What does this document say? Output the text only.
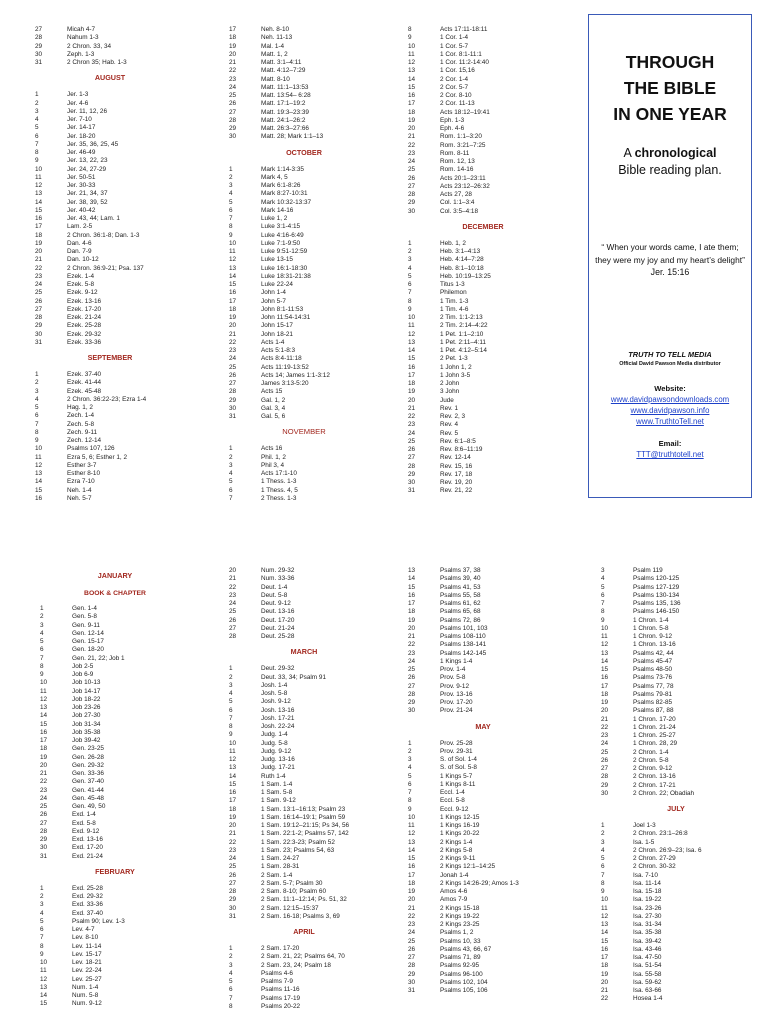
27	Micah 4-7
28	Nahum 1-3
29	2 Chron. 33, 34
30	Zeph. 1-3
31	2 Chron 35; Hab. 1-3
AUGUST
1	Jer. 1-3
2	Jer. 4-6
3	Jer. 11, 12, 26
4	Jer. 7-10
5	Jer. 14-17
6	Jer. 18-20
7	Jer. 35, 36, 25, 45
8	Jer. 46-49
9	Jer. 13, 22, 23
10	Jer. 24, 27-29
11	Jer. 50-51
12	Jer. 30-33
13	Jer. 21, 34, 37
14	Jer. 38, 39, 52
15	Jer. 40-42
16	Jer. 43, 44; Lam. 1
17	Lam. 2-5
18	2 Chron. 36:1-8; Dan. 1-3
19	Dan. 4-6
20	Dan. 7-9
21	Dan. 10-12
22	2 Chron. 36:9-21; Psa. 137
23	Ezek. 1-4
24	Ezek. 5-8
25	Ezek. 9-12
26	Ezek. 13-16
27	Ezek. 17-20
28	Ezek. 21-24
29	Ezek. 25-28
30	Ezek. 29-32
31	Ezek. 33-36
SEPTEMBER
1	Ezek. 37-40
2	Ezek. 41-44
3	Ezek. 45-48
4	2 Chron. 36:22-23; Ezra 1-4
5	Hag. 1, 2
6	Zech. 1-4
7	Zech. 5-8
8	Zech. 9-11
9	Zech. 12-14
10	Psalms 107, 126
11	Ezra 5, 6; Esther 1, 2
12	Esther 3-7
13	Esther 8-10
14	Ezra 7-10
15	Neh. 1-4
16	Neh. 5-7
17	Neh. 8-10
18	Neh. 11-13
19	Mal. 1-4
20	Matt. 1, 2
21	Matt. 3:1–4:11
22	Matt. 4:12–7:29
23	Matt. 8-10
24	Matt. 11:1–13:53
25	Matt. 13:54– 6:28
26	Matt. 17:1–19:2
27	Matt. 19:3–23:39
28	Matt. 24:1–26:2
29	Matt. 26:3–27:66
30	Matt. 28; Mark 1:1–13
OCTOBER
1	Mark 1:14-3:35
2	Mark 4, 5
3	Mark 6:1-8:26
4	Mark 8:27-10:31
5	Mark 10:32-13:37
6	Mark 14-16
7	Luke 1, 2
8	Luke 3:1-4:15
9	Luke 4:16-6:49
10	Luke 7:1-9:50
11	Luke 9:51-12:59
12	Luke 13-15
13	Luke 16:1-18:30
14	Luke 18:31-21:38
15	Luke 22-24
16	John 1-4
17	John 5-7
18	John 8:1-11:53
19	John 11:54-14:31
20	John 15-17
21	John 18-21
22	Acts 1-4
23	Acts 5:1-8:3
24	Acts 8:4-11:18
25	Acts 11:19-13:52
26	Acts 14; James 1:1-3:12
27	James 3:13-5:20
28	Acts 15
29	Gal. 1, 2
30	Gal. 3, 4
31	Gal. 5, 6
NOVEMBER
1	Acts 16
2	Phil. 1, 2
3	Phil 3, 4
4	Acts 17:1-10
5	1 Thess. 1-3
6	1 Thess. 4, 5
7	2 Thess. 1-3
8	Acts 17:11-18:11
9	1 Cor. 1-4
10	1 Cor. 5-7
11	1 Cor. 8:1-11:1
12	1 Cor. 11:2-14:40
13	1 Cor. 15,16
14	2 Cor. 1-4
15	2 Cor. 5-7
16	2 Cor. 8-10
17	2 Cor. 11-13
18	Acts 18:12–19:41
19	Eph. 1-3
20	Eph. 4-6
21	Rom. 1:1–3:20
22	Rom. 3:21–7:25
23	Rom. 8-11
24	Rom. 12, 13
25	Rom. 14-16
26	Acts 20:1–23:11
27	Acts 23:12–26:32
28	Acts 27, 28
29	Col. 1:1–3:4
30	Col. 3:5–4:18
DECEMBER
1	Heb. 1, 2
2	Heb. 3:1–4:13
3	Heb. 4:14–7:28
4	Heb. 8:1–10:18
5	Heb. 10:19–13:25
6	Titus 1-3
7	Philemon
8	1 Tim. 1-3
9	1 Tim. 4-6
10	2 Tim. 1:1-2:13
11	2 Tim. 2:14–4:22
12	1 Pet. 1:1–2:10
13	1 Pet. 2:11–4:11
14	1 Pet. 4:12–5:14
15	2 Pet. 1-3
16	1 John 1, 2
17	1 John 3-5
18	2 John
19	3 John
20	Jude
21	Rev. 1
22	Rev. 2, 3
23	Rev. 4
24	Rev. 5
25	Rev. 6:1–8:5
26	Rev. 8:6–11:19
27	Rev. 12-14
28	Rev. 15, 16
29	Rev. 17, 18
30	Rev. 19, 20
31	Rev. 21, 22
JANUARY
BOOK & CHAPTER
1	Gen. 1-4
2	Gen. 5-8
3	Gen. 9-11
4	Gen. 12-14
5	Gen. 15-17
6	Gen. 18-20
7	Gen. 21, 22; Job 1
8	Job 2-5
9	Job 6-9
10	Job 10-13
11	Job 14-17
12	Job 18-22
13	Job 23-26
14	Job 27-30
15	Job 31-34
16	Job 35-38
17	Job 39-42
18	Gen. 23-25
19	Gen. 26-28
20	Gen. 29-32
21	Gen. 33-36
22	Gen. 37-40
23	Gen. 41-44
24	Gen. 45-48
25	Gen. 49, 50
26	Exd. 1-4
27	Exd. 5-8
28	Exd. 9-12
29	Exd. 13-16
30	Exd. 17-20
31	Exd. 21-24
FEBRUARY
1	Exd. 25-28
2	Exd. 29-32
3	Exd. 33-36
4	Exd. 37-40
5	Psalm 90; Lev. 1-3
6	Lev. 4-7
7	Lev. 8-10
8	Lev. 11-14
9	Lev. 15-17
10	Lev. 18-21
11	Lev. 22-24
12	Lev. 25-27
13	Num. 1-4
14	Num. 5-8
15	Num. 9-12
20	Num. 29-32
21	Num. 33-36
22	Deut. 1-4
23	Deut. 5-8
24	Deut. 9-12
25	Deut. 13-16
26	Deut. 17-20
27	Deut. 21-24
28	Deut. 25-28
MARCH
1	Deut. 29-32
2	Deut. 33, 34; Psalm 91
3	Josh. 1-4
4	Josh. 5-8
5	Josh. 9-12
6	Josh. 13-16
7	Josh. 17-21
8	Josh. 22-24
9	Judg. 1-4
10	Judg. 5-8
11	Judg. 9-12
12	Judg. 13-16
13	Judg. 17-21
14	Ruth 1-4
15	1 Sam. 1-4
16	1 Sam. 5-8
17	1 Sam. 9-12
18	1 Sam. 13:1–16:13; Psalm 23
19	1 Sam. 16:14–19:1; Psalm 59
20	1 Sam. 19:12–21:15; Ps 34, 56
21	1 Sam. 22:1-2; Psalms 57, 142
22	1 Sam. 22:3-23; Psalm 52
23	1 Sam. 23; Psalms 54, 63
24	1 Sam. 24-27
25	1 Sam. 28-31
26	2 Sam. 1-4
27	2 Sam. 5-7; Psalm 30
28	2 Sam. 8-10; Psalm 60
29	2 Sam. 11:1–12:14; Ps. 51, 32
30	2 Sam. 12:15–15:37
31	2 Sam. 16-18; Psalms 3, 69
APRIL
1	2 Sam. 17-20
2	2 Sam. 21, 22; Psalms 64, 70
3	2 Sam. 23, 24; Psalm 18
4	Psalms 4-6
5	Psalms 7-9
6	Psalms 11-16
7	Psalms 17-19
8	Psalms 20-22
13	Psalms 37, 38
14	Psalms 39, 40
15	Psalms 41, 53
16	Psalms 55, 58
17	Psalms 61, 62
18	Psalms 65, 68
19	Psalms 72, 86
20	Psalms 101, 103
21	Psalms 108-110
22	Psalms 138-141
23	Psalms 142-145
24	1 Kings 1-4
25	Prov. 1-4
26	Prov. 5-8
27	Prov. 9-12
28	Prov. 13-16
29	Prov. 17-20
30	Prov. 21-24
MAY
1	Prov. 25-28
2	Prov. 29-31
3	S. of Sol. 1-4
4	S. of Sol. 5-8
5	1 Kings 5-7
6	1 Kings 8-11
7	Eccl. 1-4
8	Eccl. 5-8
9	Eccl. 9-12
10	1 Kings 12-15
11	1 Kings 16-19
12	1 Kings 20-22
13	2 Kings 1-4
14	2 Kings 5-8
15	2 Kings 9-11
16	2 Kings 12:1–14:25
17	Jonah 1-4
18	2 Kings 14:26-29; Amos 1-3
19	Amos 4-6
20	Amos 7-9
21	2 Kings 15-18
22	2 Kings 19-22
23	2 Kings 23-25
24	Psalms 1, 2
25	Psalms 10, 33
26	Psalms 43, 66, 67
27	Psalms 71, 89
28	Psalms 92-95
29	Psalms 96-100
30	Psalms 102, 104
31	Psalms 105, 106
3	Psalm 119
4	Psalms 120-125
5	Psalms 127-129
6	Psalms 130-134
7	Psalms 135, 136
8	Psalms 146-150
9	1 Chron. 1-4
10	1 Chron. 5-8
11	1 Chron. 9-12
12	1 Chron. 13-16
13	Psalms 42, 44
14	Psalms 45-47
15	Psalms 48-50
16	Psalms 73-76
17	Psalms 77, 78
18	Psalms 79-81
19	Psalms 82-85
20	Psalms 87, 88
21	1 Chron. 17-20
22	1 Chron. 21-24
23	1 Chron. 25-27
24	1 Chron. 28, 29
25	2 Chron. 1-4
26	2 Chron. 5-8
27	2 Chron. 9-12
28	2 Chron. 13-16
29	2 Chron. 17-21
30	2 Chron. 22; Obadiah
JULY
1	Joel 1-3
2	2 Chron. 23:1–26:8
3	Isa. 1-5
4	2 Chron. 26:9–23; Isa. 6
5	2 Chron. 27-29
6	2 Chron. 30-32
7	Isa. 7-10
8	Isa. 11-14
9	Isa. 15-18
10	Isa. 19-22
11	Isa. 23-26
12	Isa. 27-30
13	Isa. 31-34
14	Isa. 35-38
15	Isa. 39-42
16	Isa. 43-46
17	Isa. 47-50
18	Isa. 51-54
19	Isa. 55-58
20	Isa. 59-62
21	Isa. 63-66
22	Hosea 1-4
THROUGH
THE BIBLE
IN ONE YEAR
A chronological
Bible reading plan.
“ When your words came, I ate them; they were my joy and my heart’s delight”
Jer. 15:16
TRUTH TO TELL MEDIA
Official David Pawson Media distributor
Website:
www.davidpawsondownloads.com
www.davidpawson.info
www.TruthtoTell.net
Email:
TTT@truthtotell.net
